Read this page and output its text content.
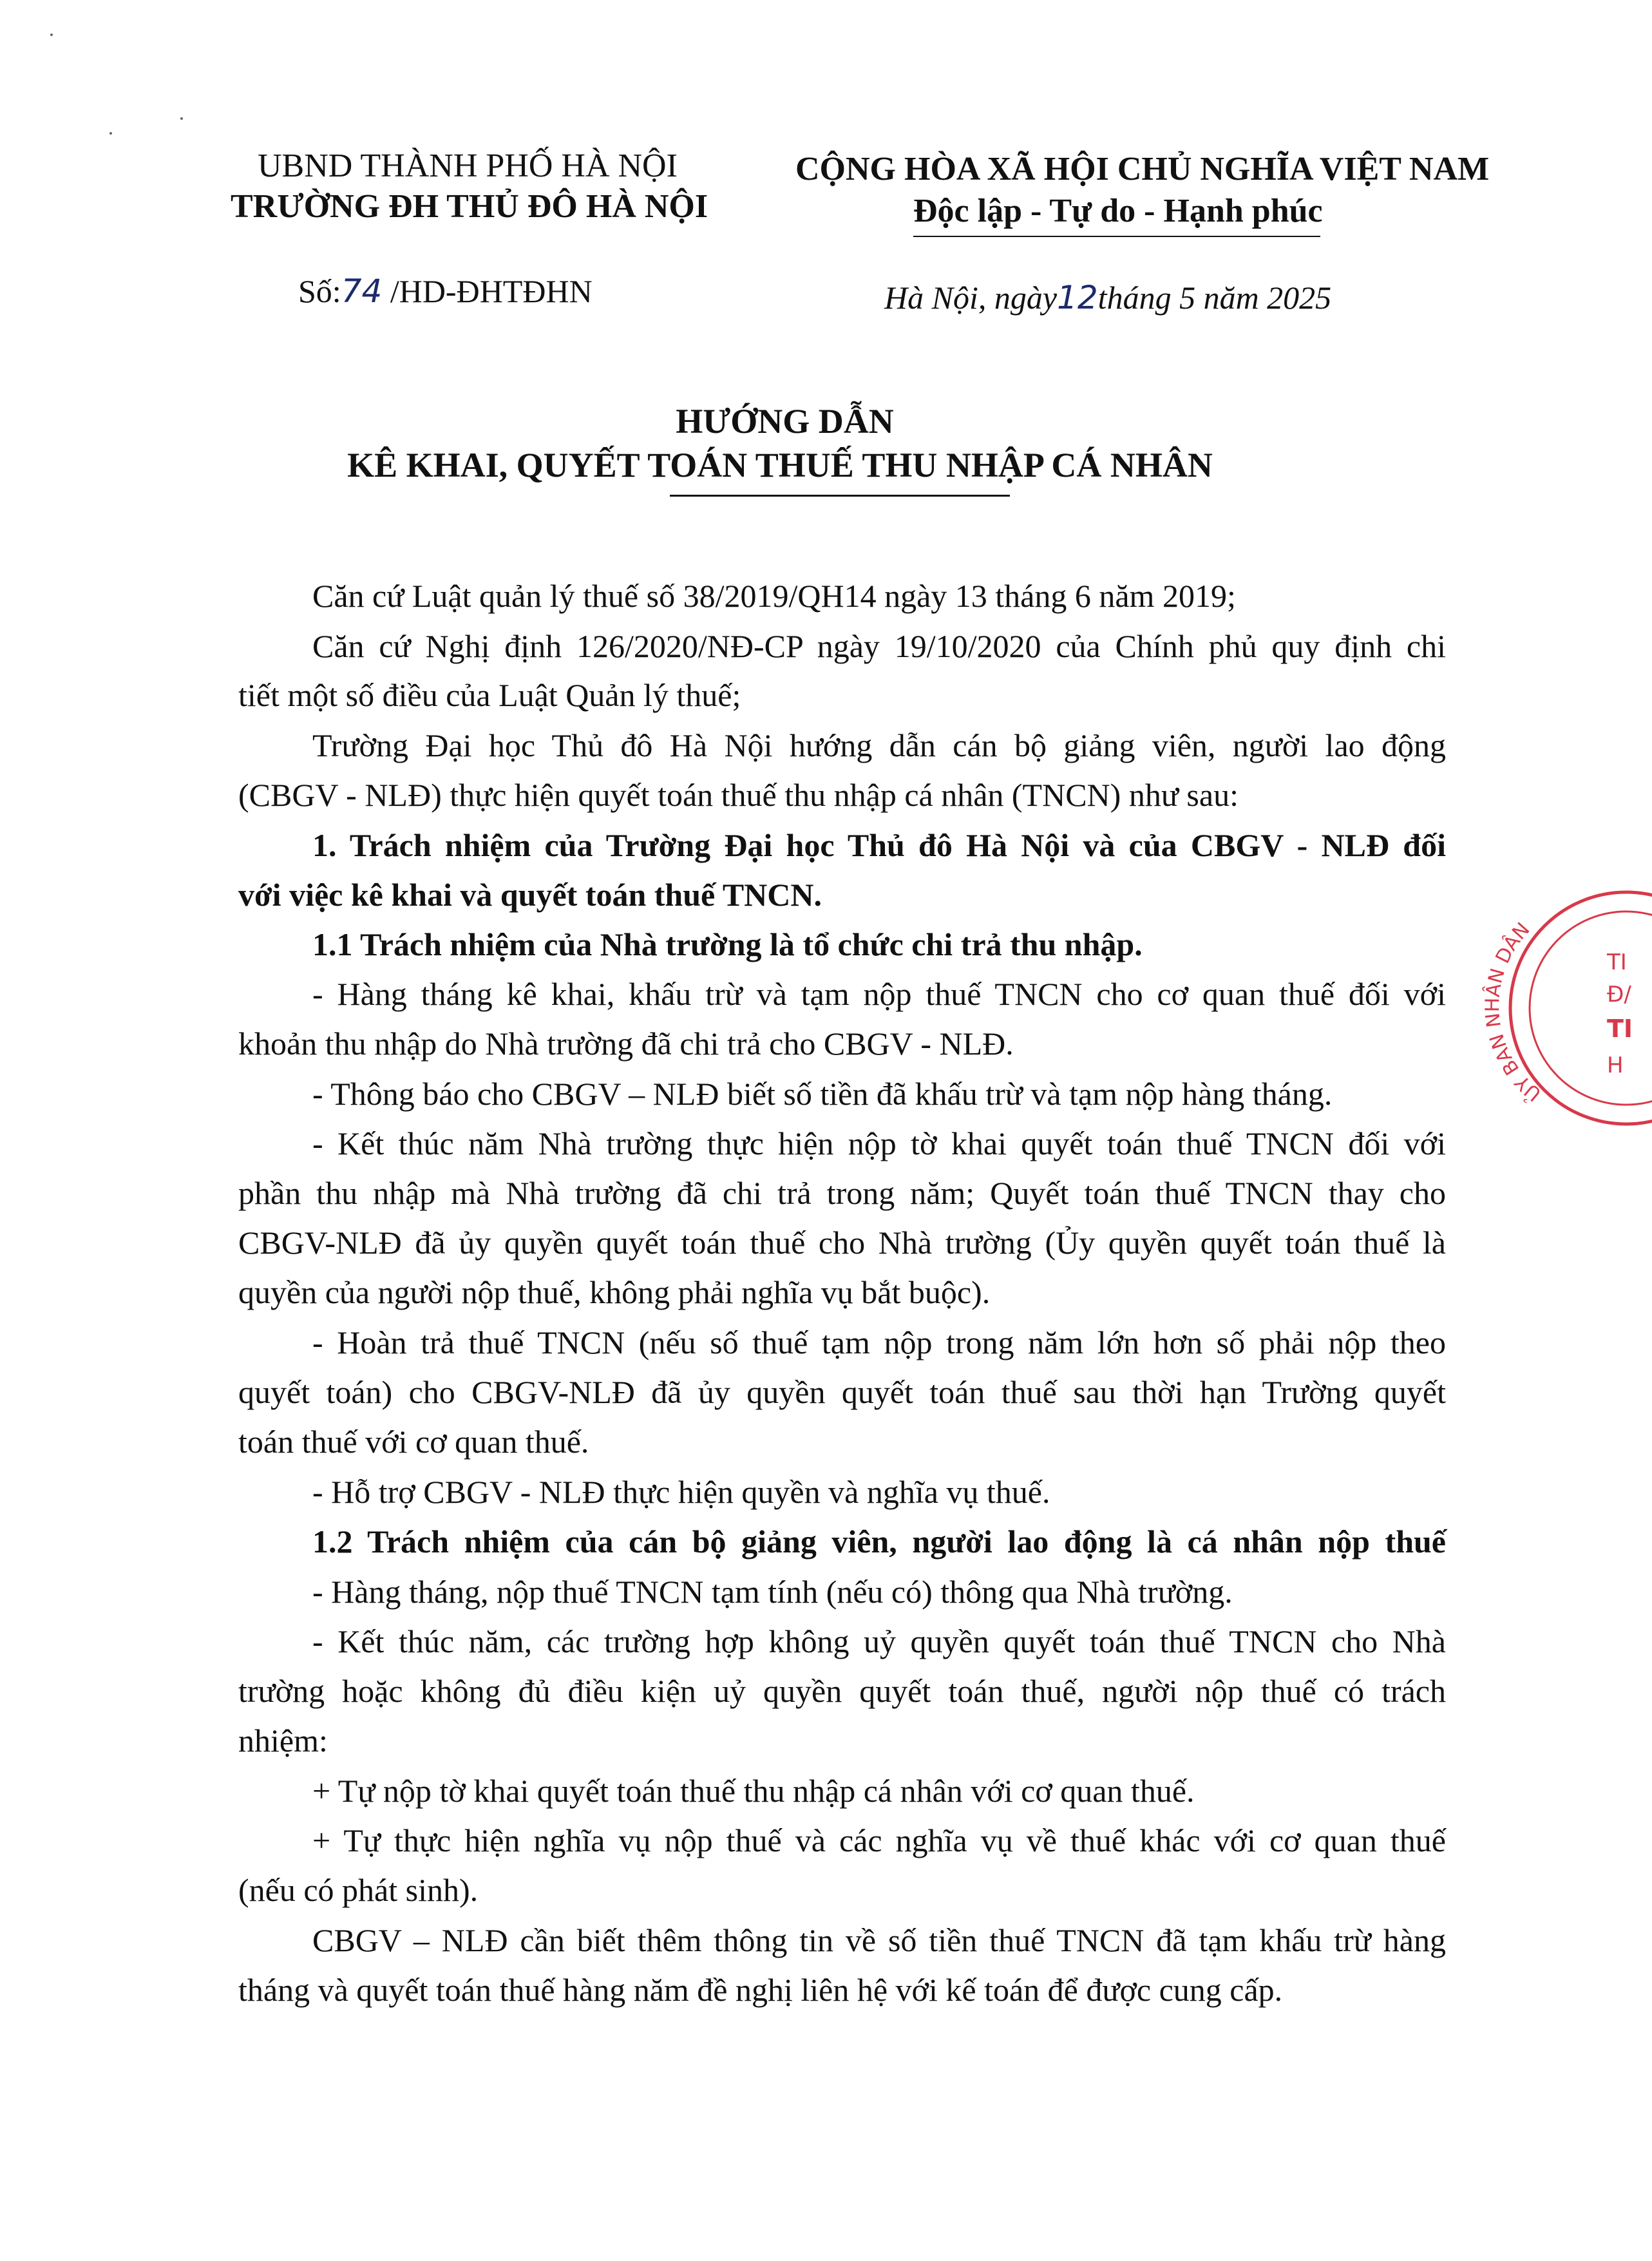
UBND THÀNH PHỐ HÀ NỘI
TRƯỜNG ĐH THỦ ĐÔ HÀ NỘI
CỘNG HÒA XÃ HỘI CHỦ NGHĨA VIỆT NAM
Độc lập - Tự do - Hạnh phúc
Số:74 /HD-ĐHTĐHN	Hà Nội, ngày12tháng 5 năm 2025
HƯỚNG DẪN
KÊ KHAI, QUYẾT TOÁN THUẾ THU NHẬP CÁ NHÂN
Căn cứ Luật quản lý thuế số 38/2019/QH14 ngày 13 tháng 6 năm 2019;
Căn cứ Nghị định 126/2020/NĐ-CP ngày 19/10/2020 của Chính phủ quy định chi
tiết một số điều của Luật Quản lý thuế;
Trường Đại học Thủ đô Hà Nội hướng dẫn cán bộ giảng viên, người lao động
(CBGV - NLĐ) thực hiện quyết toán thuế thu nhập cá nhân (TNCN) như sau:
1. Trách nhiệm của Trường Đại học Thủ đô Hà Nội và của CBGV - NLĐ đối
với việc kê khai và quyết toán thuế TNCN.
1.1 Trách nhiệm của Nhà trường là tổ chức chi trả thu nhập.
- Hàng tháng kê khai, khấu trừ và tạm nộp thuế TNCN cho cơ quan thuế đối với
khoản thu nhập do Nhà trường đã chi trả cho CBGV - NLĐ.
- Thông báo cho CBGV – NLĐ biết số tiền đã khấu trừ và tạm nộp hàng tháng.
- Kết thúc năm Nhà trường thực hiện nộp tờ khai quyết toán thuế TNCN đối với
phần thu nhập mà Nhà trường đã chi trả trong năm; Quyết toán thuế TNCN thay cho
CBGV-NLĐ đã ủy quyền quyết toán thuế cho Nhà trường (Ủy quyền quyết toán thuế là
quyền của người nộp thuế, không phải nghĩa vụ bắt buộc).
- Hoàn trả thuế TNCN (nếu số thuế tạm nộp trong năm lớn hơn số phải nộp theo
quyết toán) cho CBGV-NLĐ đã ủy quyền quyết toán thuế sau thời hạn Trường quyết
toán thuế với cơ quan thuế.
- Hỗ trợ CBGV - NLĐ thực hiện quyền và nghĩa vụ thuế.
1.2 Trách nhiệm của cán bộ giảng viên, người lao động là cá nhân nộp thuế
- Hàng tháng, nộp thuế TNCN tạm tính (nếu có) thông qua Nhà trường.
- Kết thúc năm, các trường hợp không uỷ quyền quyết toán thuế TNCN cho Nhà
trường hoặc không đủ điều kiện uỷ quyền quyết toán thuế, người nộp thuế có trách
nhiệm:
+ Tự nộp tờ khai quyết toán thuế thu nhập cá nhân với cơ quan thuế.
+ Tự thực hiện nghĩa vụ nộp thuế và các nghĩa vụ về thuế khác với cơ quan thuế
(nếu có phát sinh).
CBGV – NLĐ cần biết thêm thông tin về số tiền thuế TNCN đã tạm khấu trừ hàng
tháng và quyết toán thuế hàng năm đề nghị liên hệ với kế toán để được cung cấp.
ỦY BAN NHÂN DÂN
TI
Đ/
TI
H
